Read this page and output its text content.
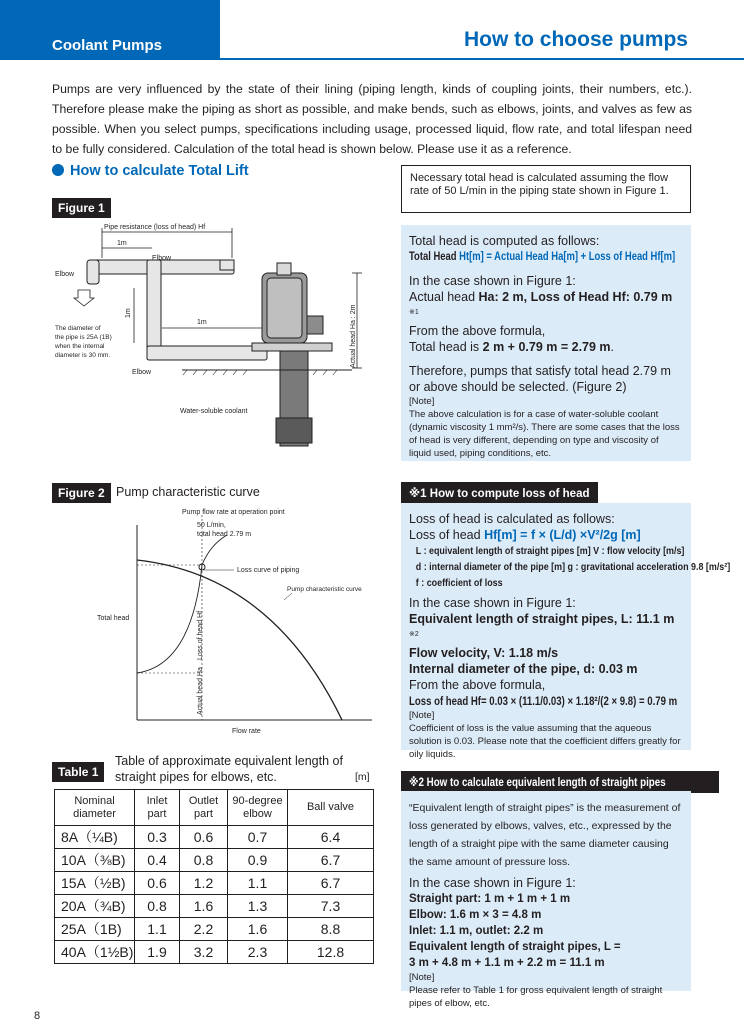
Coolant Pumps	How to choose pumps

Pumps are very influenced by the state of their lining (piping length, kinds of coupling joints, their numbers, etc.). Therefore please make the piping as short as possible, and make bends, such as elbows, joints, and valves as few as possible. When you select pumps, specifications including usage, processed liquid, flow rate, and total lifespan need to be fully considered. Calculation of the total head is shown below. Please use it as a reference.

How to calculate Total Lift
Figure 1
Pipe resistance (loss of head) Hf
1m
Elbow
Elbow
1m
1m
The diameter of
the pipe is 25A (1B)
when the internal
diameter is 30 mm.
Elbow
Actual head Ha : 2m
Water-soluble coolant
Figure 2 Pump characteristic curve
Pump flow rate at operation point
50 L/min,
total head 2.79 m
Loss curve of piping
Pump characteristic curve
Total head	Loss of head Hf
Actual head Ha
Flow rate
Necessary total head is calculated assuming the flow rate of 50 L/min in the piping state shown in Figure 1.

Total head is computed as follows:

Total Head Ht[m] = Actual Head Ha[m] + Loss of Head Hf[m]

In the case shown in Figure 1:

Actual head Ha: 2 m, Loss of Head Hf: 0.79 m $^{※1}$

From the above formula,

Total head is 2 m + 0.79 m = 2.79 m.

Therefore, pumps that satisfy total head 2.79 m or above should be selected. (Figure 2)

[Note]

The above calculation is for a case of water-soluble coolant (dynamic viscosity 1 mm²/s). There are some cases that the loss of head is very different, depending on type and viscosity of liquid used, piping conditions, etc.

※1 How to compute loss of head

Loss of head is calculated as follows:

Loss of head Hf[m] = f × (L/d) ×V²/2g [m]

L : equivalent length of straight pipes [m] V : flow velocity [m/s]

d : internal diameter of the pipe [m] g : gravitational acceleration 9.8 [m/s²]

f : coefficient of loss

In the case shown in Figure 1:

Equivalent length of straight pipes, L: 11.1 m $^{※2}$

Flow velocity, V: 1.18 m/s

Internal diameter of the pipe, d: 0.03 m

From the above formula,

Loss of head Hf= 0.03 × (11.1/0.03) × 1.18²/(2 × 9.8) = 0.79 m

[Note]

Coefficient of loss is the value assuming that the aqueous solution is 0.03. Please note that the coefficient differs greatly for oily liquids.

※2 How to calculate equivalent length of straight pipes

“Equivalent length of straight pipes” is the measurement of loss generated by elbows, valves, etc., expressed by the length of a straight pipe with the same diameter causing the same amount of pressure loss.

In the case shown in Figure 1:

Straight part: 1 m + 1 m + 1 m

Elbow: 1.6 m × 3 = 4.8 m

Inlet: 1.1 m, outlet: 2.2 m

Equivalent length of straight pipes, L =

3 m + 4.8 m + 1.1 m + 2.2 m = 11.1 m

[Note]

Please refer to Table 1 for gross equivalent length of straight pipes of elbow, etc.

Table 1
Table of approximate equivalent length of straight pipes for elbows, etc.	[m]
Nominal diameter	Inlet part	Outlet part	90-degree elbow	Ball valve
8A（¼B)	0.3	0.6	0.7	6.4
10A（⅜B)	0.4	0.8	0.9	6.7
15A（½B)	0.6	1.2	1.1	6.7
20A（¾B)	0.8	1.6	1.3	7.3
25A（1B)	1.1	2.2	1.6	8.8
40A（1½B)	1.9	3.2	2.3	12.8
8
